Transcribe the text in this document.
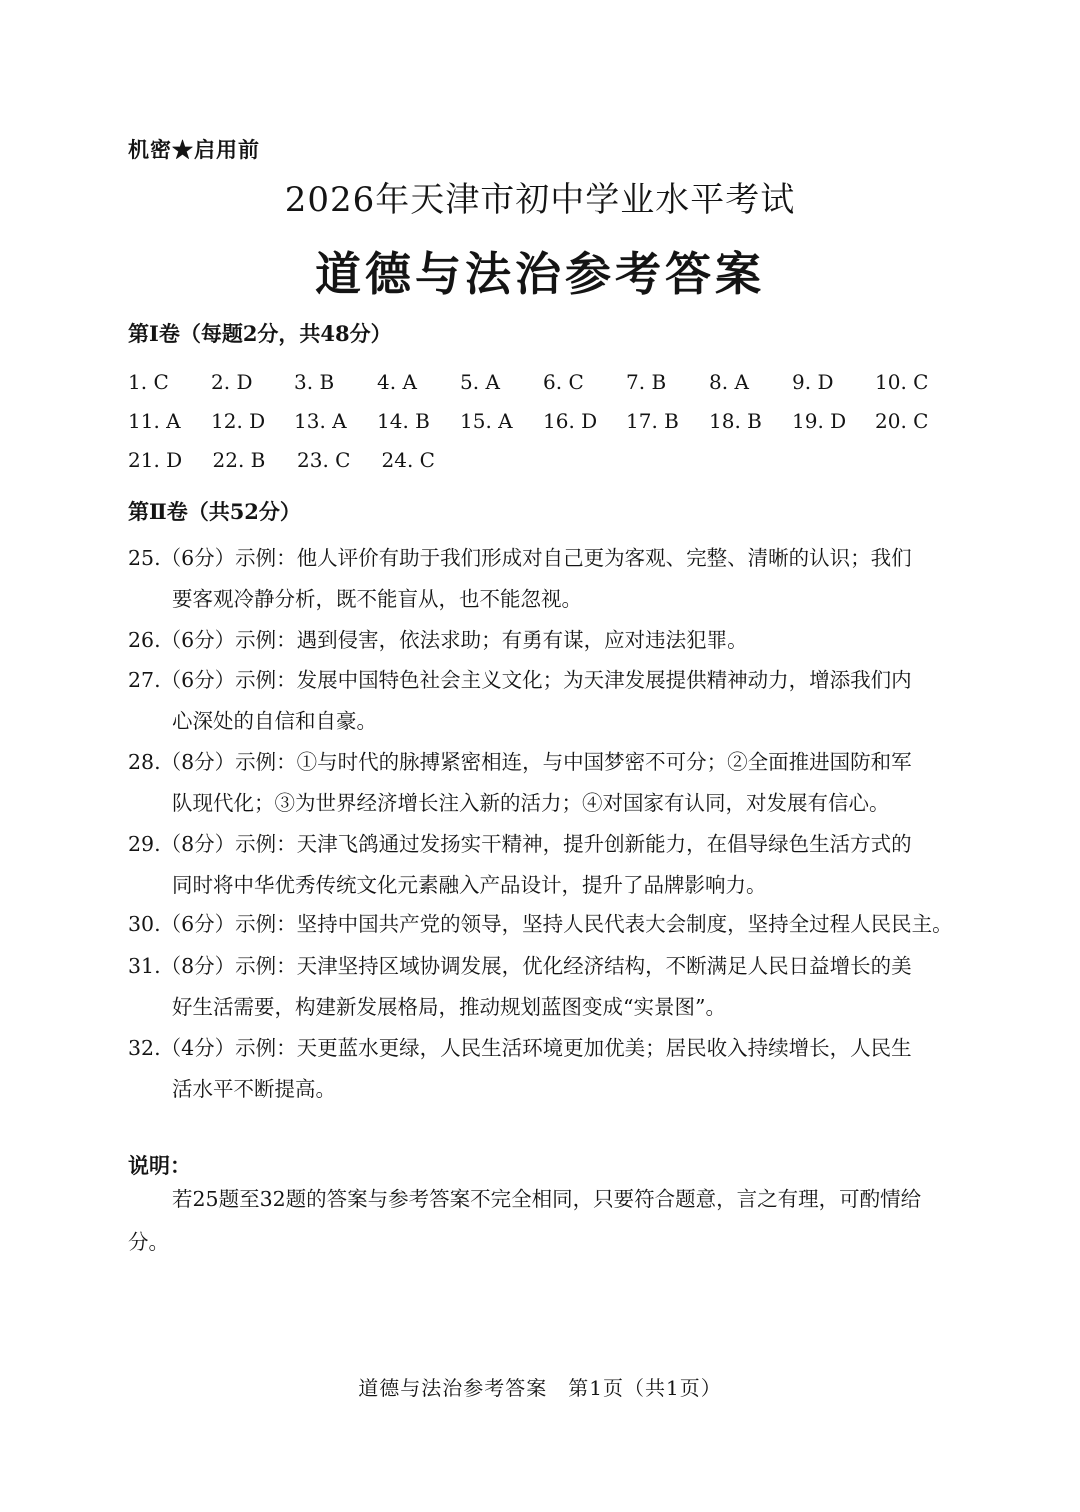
机密★启用前
2026年天津市初中学业水平考试
道德与法治参考答案
第Ⅰ卷（每题2分，共48分）
1. C	2. D	3. B	4. A	5. A	6. C	7. B	8. A	9. D	10. C
11. A	12. D	13. A	14. B	15. A	16. D	17. B	18. B	19. D	20. C
21. D	22. B	23. C	24. C
第Ⅱ卷（共52分）
25.（6分）示例：他人评价有助于我们形成对自己更为客观、完整、清晰的认识；我们
要客观冷静分析，既不能盲从，也不能忽视。
26.（6分）示例：遇到侵害，依法求助；有勇有谋，应对违法犯罪。
27.（6分）示例：发展中国特色社会主义文化；为天津发展提供精神动力，增添我们内
心深处的自信和自豪。
28.（8分）示例：①与时代的脉搏紧密相连，与中国梦密不可分；②全面推进国防和军
队现代化；③为世界经济增长注入新的活力；④对国家有认同，对发展有信心。
29.（8分）示例：天津飞鸽通过发扬实干精神，提升创新能力，在倡导绿色生活方式的
同时将中华优秀传统文化元素融入产品设计，提升了品牌影响力。
30.（6分）示例：坚持中国共产党的领导，坚持人民代表大会制度，坚持全过程人民民主。
31.（8分）示例：天津坚持区域协调发展，优化经济结构，不断满足人民日益增长的美
好生活需要，构建新发展格局，推动规划蓝图变成“实景图”。
32.（4分）示例：天更蓝水更绿，人民生活环境更加优美；居民收入持续增长，人民生
活水平不断提高。
说明：
若25题至32题的答案与参考答案不完全相同，只要符合题意，言之有理，可酌情给分。
道德与法治参考答案　第1页（共1页）
